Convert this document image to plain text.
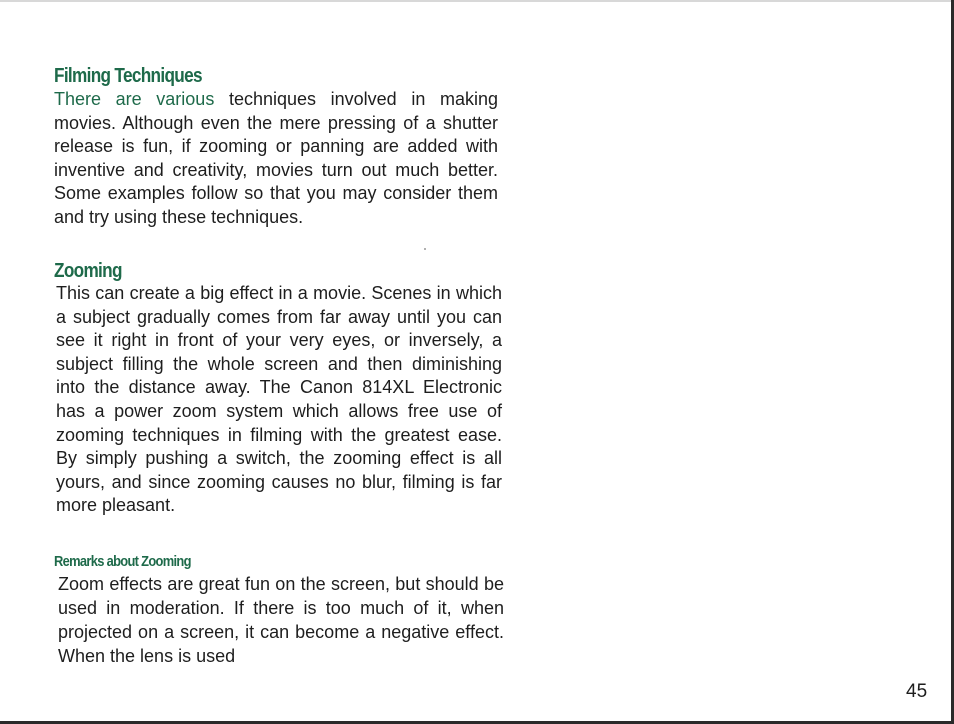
Filming Techniques

There are various techniques involved in making movies. Although even the mere pressing of a shutter release is fun, if zooming or panning are added with inventive and creativity, movies turn out much better. Some examples follow so that you may consider them and try using these techniques.

Zooming

This can create a big effect in a movie. Scenes in which a subject gradually comes from far away until you can see it right in front of your very eyes, or inversely, a subject filling the whole screen and then diminishing into the distance away. The Canon 814XL Electronic has a power zoom system which allows free use of zooming techniques in filming with the greatest ease. By simply pushing a switch, the zooming effect is all yours, and since zooming causes no blur, filming is far more pleasant.

Remarks about Zooming

Zoom effects are great fun on the screen, but should be used in moderation. If there is too much of it, when projected on a screen, it can become a negative effect. When the lens is used

45
